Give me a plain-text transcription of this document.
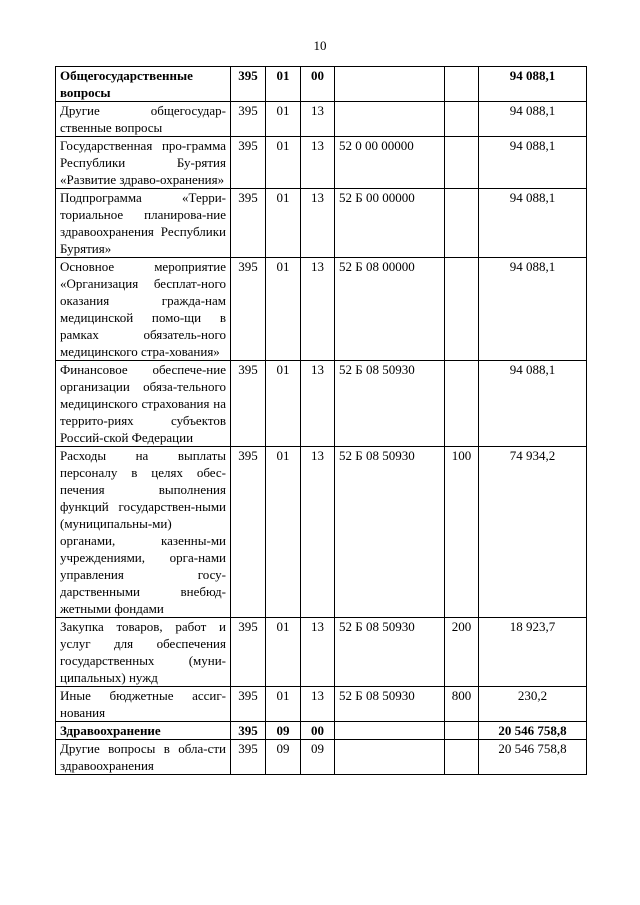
10
Общегосударственные вопросы	395	01	00			94 088,1
Другие общегосудар-ственные вопросы	395	01	13			94 088,1
Государственная про-грамма Республики Бу-рятия «Развитие здраво-охранения»	395	01	13	52 0 00 00000		94 088,1
Подпрограмма «Терри-ториальное планирова-ние здравоохранения Республики Бурятия»	395	01	13	52 Б 00 00000		94 088,1
Основное мероприятие «Организация бесплат-ного оказания гражда-нам медицинской помо-щи в рамках обязатель-ного медицинского стра-хования»	395	01	13	52 Б 08 00000		94 088,1
Финансовое обеспече-ние организации обяза-тельного медицинского страхования на террито-риях субъектов Россий-ской Федерации	395	01	13	52 Б 08 50930		94 088,1
Расходы на выплаты персоналу в целях обес-печения выполнения функций государствен-ными (муниципальны-ми) органами, казенны-ми учреждениями, орга-нами управления госу-дарственными внебюд-жетными фондами	395	01	13	52 Б 08 50930	100	74 934,2
Закупка товаров, работ и услуг для обеспечения государственных (муни-ципальных) нужд	395	01	13	52 Б 08 50930	200	18 923,7
Иные бюджетные ассиг-нования	395	01	13	52 Б 08 50930	800	230,2
Здравоохранение	395	09	00			20 546 758,8
Другие вопросы в обла-сти здравоохранения	395	09	09			20 546 758,8
